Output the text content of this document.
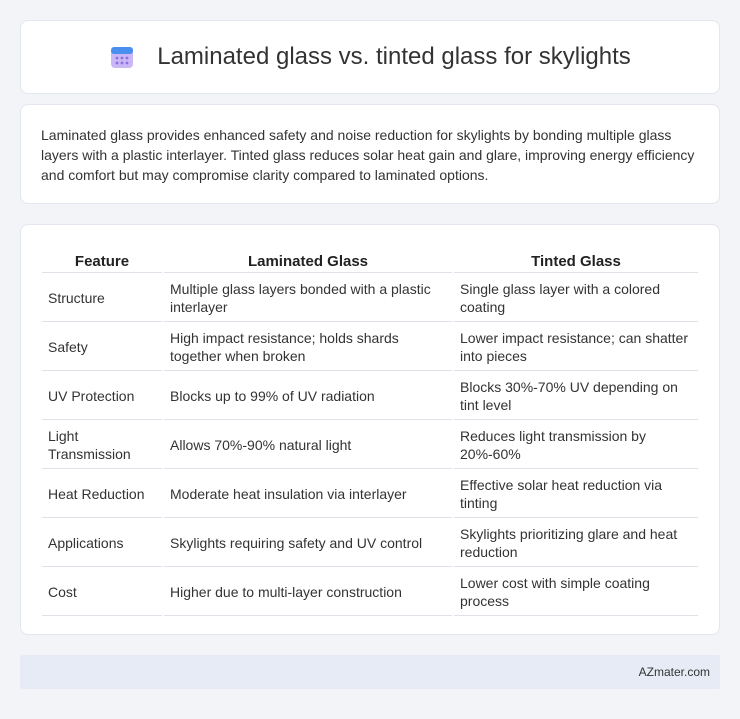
Laminated glass vs. tinted glass for skylights

Laminated glass provides enhanced safety and noise reduction for skylights by bonding multiple glass layers with a plastic interlayer. Tinted glass reduces solar heat gain and glare, improving energy efficiency and comfort but may compromise clarity compared to laminated options.

Feature	Laminated Glass	Tinted Glass
Structure	Multiple glass layers bonded with a plastic interlayer	Single glass layer with a colored coating
Safety	High impact resistance; holds shards together when broken	Lower impact resistance; can shatter into pieces
UV Protection	Blocks up to 99% of UV radiation	Blocks 30%-70% UV depending on tint level
Light Transmission	Allows 70%-90% natural light	Reduces light transmission by 20%-60%
Heat Reduction	Moderate heat insulation via interlayer	Effective solar heat reduction via tinting
Applications	Skylights requiring safety and UV control	Skylights prioritizing glare and heat reduction
Cost	Higher due to multi-layer construction	Lower cost with simple coating process
AZmater.com
